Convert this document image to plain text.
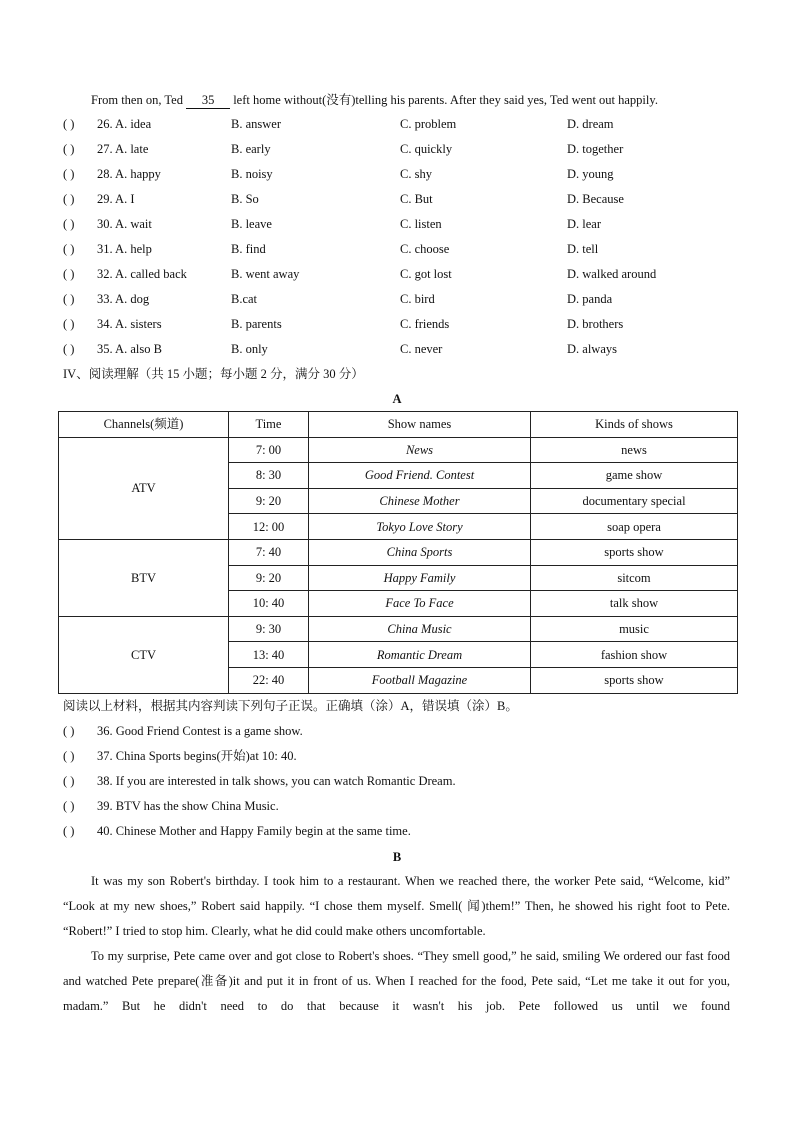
From then on, Ted 35 left home without(没有)telling his parents. After they said yes, Ted went out happily.
( ) 26. A. idea	B. answer	C. problem	D. dream
( ) 27. A. late	B. early	C. quickly	D. together
( ) 28. A. happy	B. noisy	C. shy	D. young
( ) 29. A. I	B. So	C. But	D. Because
( ) 30. A. wait	B. leave	C. listen	D. lear
( ) 31. A. help	B. find	C. choose	D. tell
( ) 32. A. called back	B. went away	C. got lost	D. walked around
( ) 33. A. dog	B.cat	C. bird	D. panda
( ) 34. A. sisters	B. parents	C. friends	D. brothers
( ) 35. A. also B	B. only	C. never	D. always
IV、阅读理解（共 15 小题；每小题 2 分，满分 30 分）
A
Channels(频道)	Time	Show names	Kinds of shows
ATV	7: 00	News	news
	8: 30	Good Friend. Contest	game show
	9: 20	Chinese Mother	documentary special
	12: 00	Tokyo Love Story	soap opera
BTV	7: 40	China Sports	sports show
	9: 20	Happy Family	sitcom
	10: 40	Face To Face	talk show
CTV	9: 30	China Music	music
	13: 40	Romantic Dream	fashion show
	22: 40	Football Magazine	sports show
阅读以上材料，根据其内容判读下列句子正误。正确填（涂）A，错误填（涂）B。
( ) 36. Good Friend Contest is a game show.
( ) 37. China Sports begins(开始)at 10: 40.
( ) 38. If you are interested in talk shows, you can watch Romantic Dream.
( ) 39. BTV has the show China Music.
( ) 40. Chinese Mother and Happy Family begin at the same time.
B

It was my son Robert's birthday. I took him to a restaurant. When we reached there, the worker Pete said, “Welcome, kid” “Look at my new shoes,” Robert said happily. “I chose them myself. Smell( 闻)them!” Then, he showed his right foot to Pete. “Robert!” I tried to stop him. Clearly, what he did could make others uncomfortable.

To my surprise, Pete came over and got close to Robert's shoes. “They smell good,” he said, smiling We ordered our fast food and watched Pete prepare(准备)it and put it in front of us. When I reached for the food, Pete said, “Let me take it out for you, madam.” But he didn't need to do that because it wasn't his job. Pete followed us until we found
